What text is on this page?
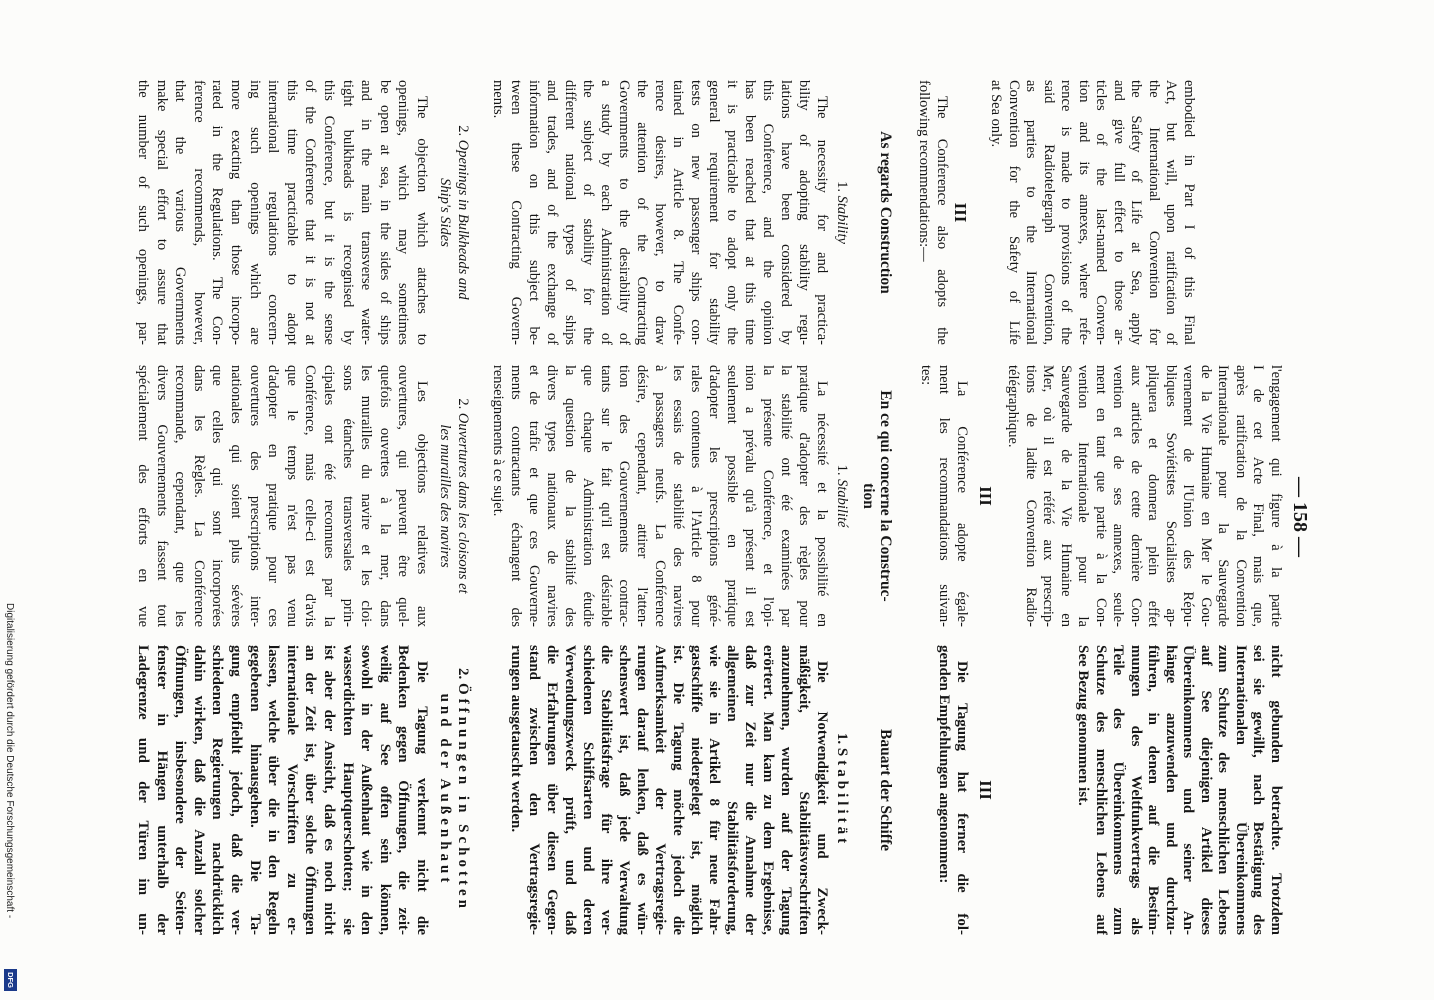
— 158 —
embodied in Part I of this Final
Act, but will, upon ratification of
the International Convention for
the Safety of Life at Sea, apply
and give full effect to those ar-
ticles of the last-named Conven-
tion and its annexes, where refe-
rence is made to provisions of the
said Radiotelegraph Convention,
as parties to the International
Convention for the Safety of Life
at Sea only.
III
The Conference also adopts the
following recommendations:—
As regards Construction
1. Stability
The necessity for and practica-
bility of adopting stability regu-
lations have been considered by
this Conference, and the opinion
has been reached that at this time
it is practicable to adopt only the
general requirement for stability
tests on new passenger ships con-
tained in Article 8. The Confe-
rence desires, however, to draw
the attention of the Contracting
Governments to the desirability of
a study by each Administration of
the subject of stability for the
different national types of ships
and trades, and of the exchange of
information on this subject be-
tween these Contracting Govern-
ments.
2. Openings in Bulkheads and
Ship's Sides
The objection which attaches to
openings, which may sometimes
be open at sea, in the sides of ships
and in the main transverse water-
tight bulkheads is recognised by
this Conference, but it is the sense
of the Conference that it is not at
this time practicable to adopt
international regulations concern-
ing such openings which are
more exacting than those incorpo-
rated in the Regulations. The Con-
ference recommends, however,
that the various Governments
make special effort to assure that
the number of such openings, par-
l'engagement qui figure à la partie
I de cet Acte Final, mais que,
après ratification de la Convention
Internationale pour la Sauvegarde
de la Vie Humaine en Mer le Gou-
vernement de l'Union des Répu-
bliques Soviétistes Socialistes ap-
pliquera et donnera plein effet
aux articles de cette dernière Con-
vention et de ses annexes, seule-
ment en tant que partie à la Con-
vention Internationale pour la
Sauvegarde de la Vie Humaine en
Mer, où il est référé aux prescrip-
tions de ladite Convention Radio-
télégraphique.
III
La Conférence adopte égale-
ment les recommandations suivan-
tes:
En ce qui concerne la Construc-
tion
1. Stabilité
La nécessité et la possibilité en
pratique d'adopter des règles pour
la stabilité ont été examinées par
la présente Conférence, et l'opi-
nion a prévalu qu'à présent il est
seulement possible en pratique
d'adopter les prescriptions géné-
rales contenues à l'Article 8 pour
les essais de stabilité des navires
à passagers neufs. La Conférence
désire, cependant, attirer l'atten-
tion des Gouvernements contrac-
tants sur le fait qu'il est désirable
que chaque Administration étudie
la question de la stabilité des
divers types nationaux de navires
et de trafic et que ces Gouverne-
ments contractants échangent des
renseignements à ce sujet.
2. Ouvertures dans les cloisons et
les murailles des navires
Les objections relatives aux
ouvertures, qui peuvent être quel-
quefois ouvertes à la mer, dans
les murailles du navire et les cloi-
sons étanches transversales prin-
cipales ont été reconnues par la
Conférence, mais celle-ci est d'avis
que le temps n'est pas venu
d'adopter en pratique pour ces
ouvertures des prescriptions inter-
nationales qui soient plus sévères
que celles qui sont incorporées
dans les Règles. La Conférence
recommande, cependant, que les
divers Gouvernements fassent tout
spécialement des efforts en vue
nicht gebunden betrachte. Trotzdem
sei sie gewillt, nach Bestätigung des
Internationalen Übereinkommens
zum Schutze des menschlichen Lebens
auf See diejenigen Artikel dieses
Übereinkommens und seiner An-
hänge anzuwenden und durchzu-
führen, in denen auf die Bestim-
mungen des Weltfunkvertrags als
Teile des Übereinkommens zum
Schutze des menschlichen Lebens auf
See Bezug genommen ist.
III
Die Tagung hat ferner die fol-
genden Empfehlungen angenommen:
Bauart der Schiffe
1. Stabilität
Die Notwendigkeit und Zweck-
mäßigkeit, Stabilitätsvorschriften
anzunehmen, wurden auf der Tagung
erörtert. Man kam zu dem Ergebnisse,
daß zur Zeit nur die Annahme der
allgemeinen Stabilitätsforderung,
wie sie in Artikel 8 für neue Fahr-
gastschiffe niedergelegt ist, möglich
ist. Die Tagung möchte jedoch die
Aufmerksamkeit der Vertragsregie-
rungen darauf lenken, daß es wün-
schenswert ist, daß jede Verwaltung
die Stabilitätsfrage für ihre ver-
schiedenen Schiffsarten und deren
Verwendungszweck prüft, und daß
die Erfahrungen über diesen Gegen-
stand zwischen den Vertragsregie-
rungen ausgetauscht werden.
2. Öffnungen in Schotten
und der Außenhaut
Die Tagung verkennt nicht die
Bedenken gegen Öffnungen, die zeit-
weilig auf See offen sein können,
sowohl in der Außenhaut wie in den
wasserdichten Hauptquerschotten; sie
ist aber der Ansicht, daß es noch nicht
an der Zeit ist, über solche Öffnungen
internationale Vorschriften zu er-
lassen, welche über die in den Regeln
gegebenen hinausgehen. Die Ta-
gung empfiehlt jedoch, daß die ver-
schiedenen Regierungen nachdrücklich
dahin wirken, daß die Anzahl solcher
Öffnungen, insbesondere der Seiten-
fenster in Hängen unterhalb der
Ladegrenze und der Türen im un-
Digitalisierung gefördert durch die Deutsche Forschungsgemeinschaft -
DFG
